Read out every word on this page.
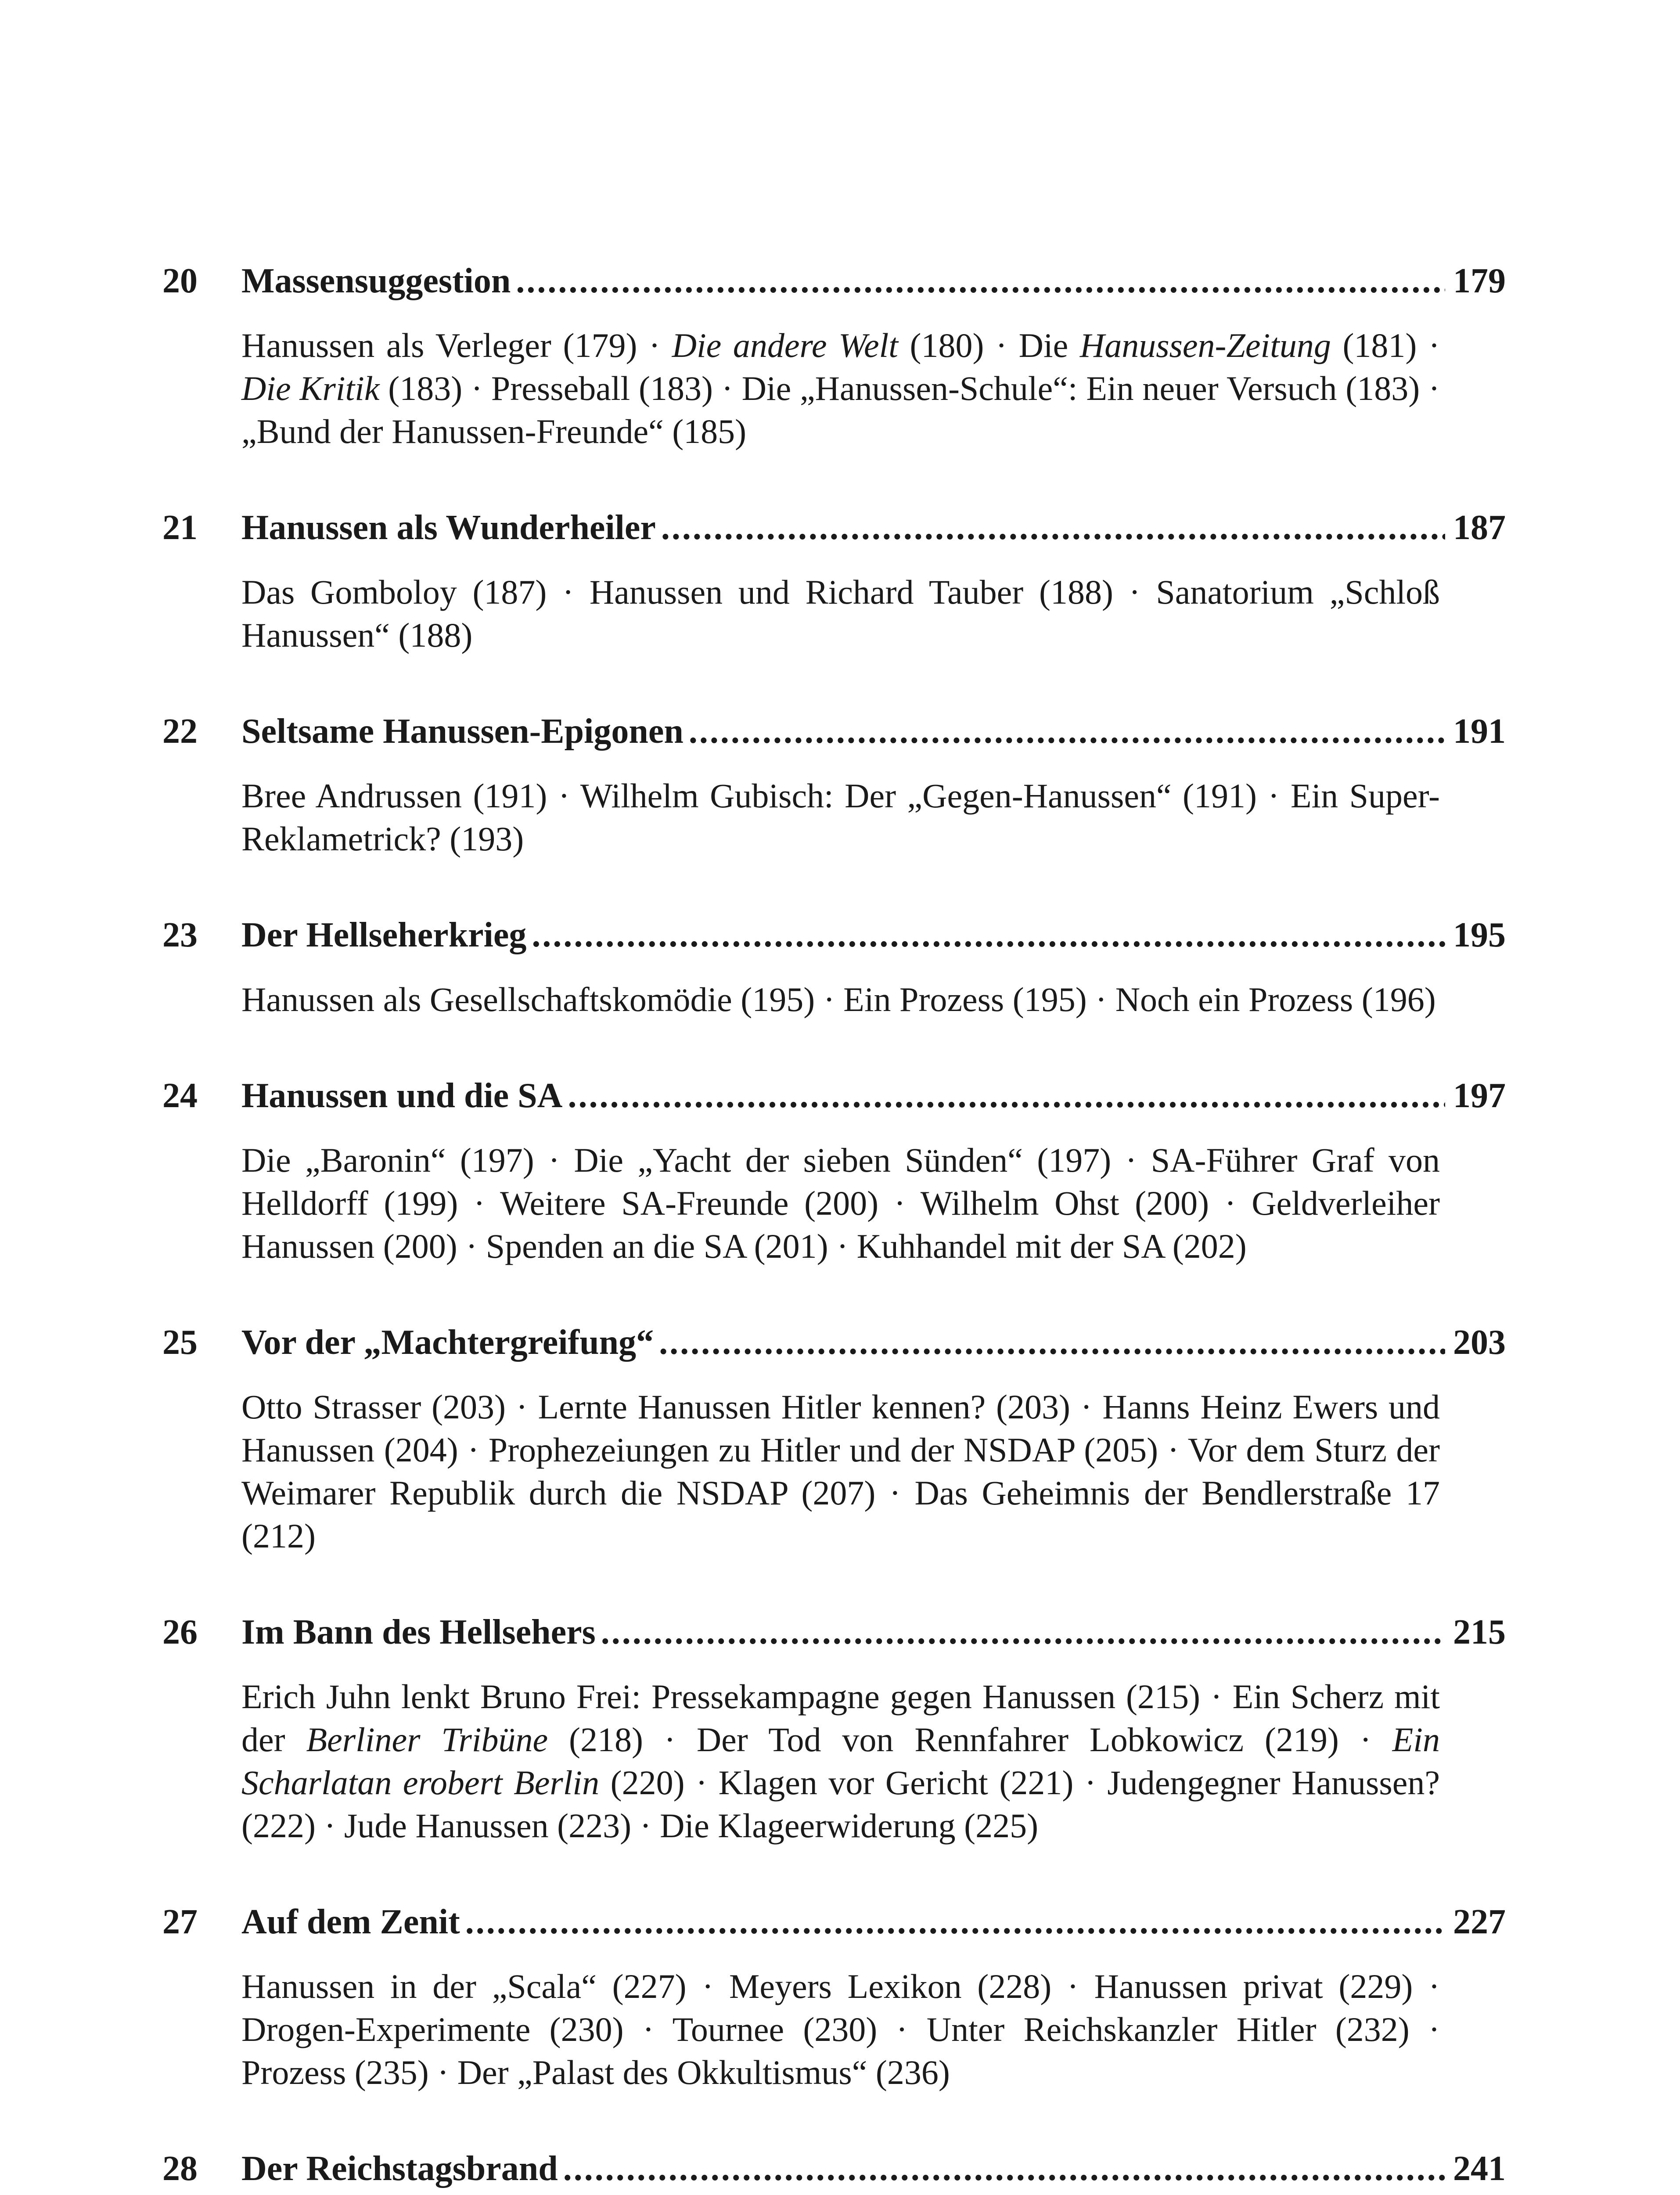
20	Massensuggestion .....	179
Hanussen als Verleger (179) · Die andere Welt (180) · Die Hanussen-Zeitung (181) · Die Kritik (183) · Presseball (183) · Die „Hanussen-Schule“: Ein neuer Versuch (183) · „Bund der Hanussen-Freunde“ (185)
21	Hanussen als Wunderheiler .....	187
Das Gomboloy (187) · Hanussen und Richard Tauber (188) · Sanatorium „Schloß Hanussen“ (188)
22	Seltsame Hanussen-Epigonen .....	191
Bree Andrussen (191) · Wilhelm Gubisch: Der „Gegen-Hanussen“ (191) · Ein Super-Reklametrick? (193)
23	Der Hellseherkrieg .....	195
Hanussen als Gesellschaftskomödie (195) · Ein Prozess (195) · Noch ein Prozess (196)
24	Hanussen und die SA .....	197
Die „Baronin“ (197) · Die „Yacht der sieben Sünden“ (197) · SA-Führer Graf von Helldorff (199) · Weitere SA-Freunde (200) · Wilhelm Ohst (200) · Geldverleiher Hanussen (200) · Spenden an die SA (201) · Kuhhandel mit der SA (202)
25	Vor der „Machtergreifung“ .....	203
Otto Strasser (203) · Lernte Hanussen Hitler kennen? (203) · Hanns Heinz Ewers und Hanussen (204) · Prophezeiungen zu Hitler und der NSDAP (205) · Vor dem Sturz der Weimarer Republik durch die NSDAP (207) · Das Geheimnis der Bendlerstraße 17 (212)
26	Im Bann des Hellsehers .....	215
Erich Juhn lenkt Bruno Frei: Pressekampagne gegen Hanussen (215) · Ein Scherz mit der Berliner Tribüne (218) · Der Tod von Rennfahrer Lobkowicz (219) · Ein Scharlatan erobert Berlin (220) · Klagen vor Gericht (221) · Judengegner Hanussen? (222) · Jude Hanussen (223) · Die Klageerwiderung (225)
27	Auf dem Zenit .....	227
Hanussen in der „Scala“ (227) · Meyers Lexikon (228) · Hanussen privat (229) · Drogen-Experimente (230) · Tournee (230) · Unter Reichskanzler Hitler (232) · Prozess (235) · Der „Palast des Okkultismus“ (236)
28	Der Reichstagsbrand .....	241
